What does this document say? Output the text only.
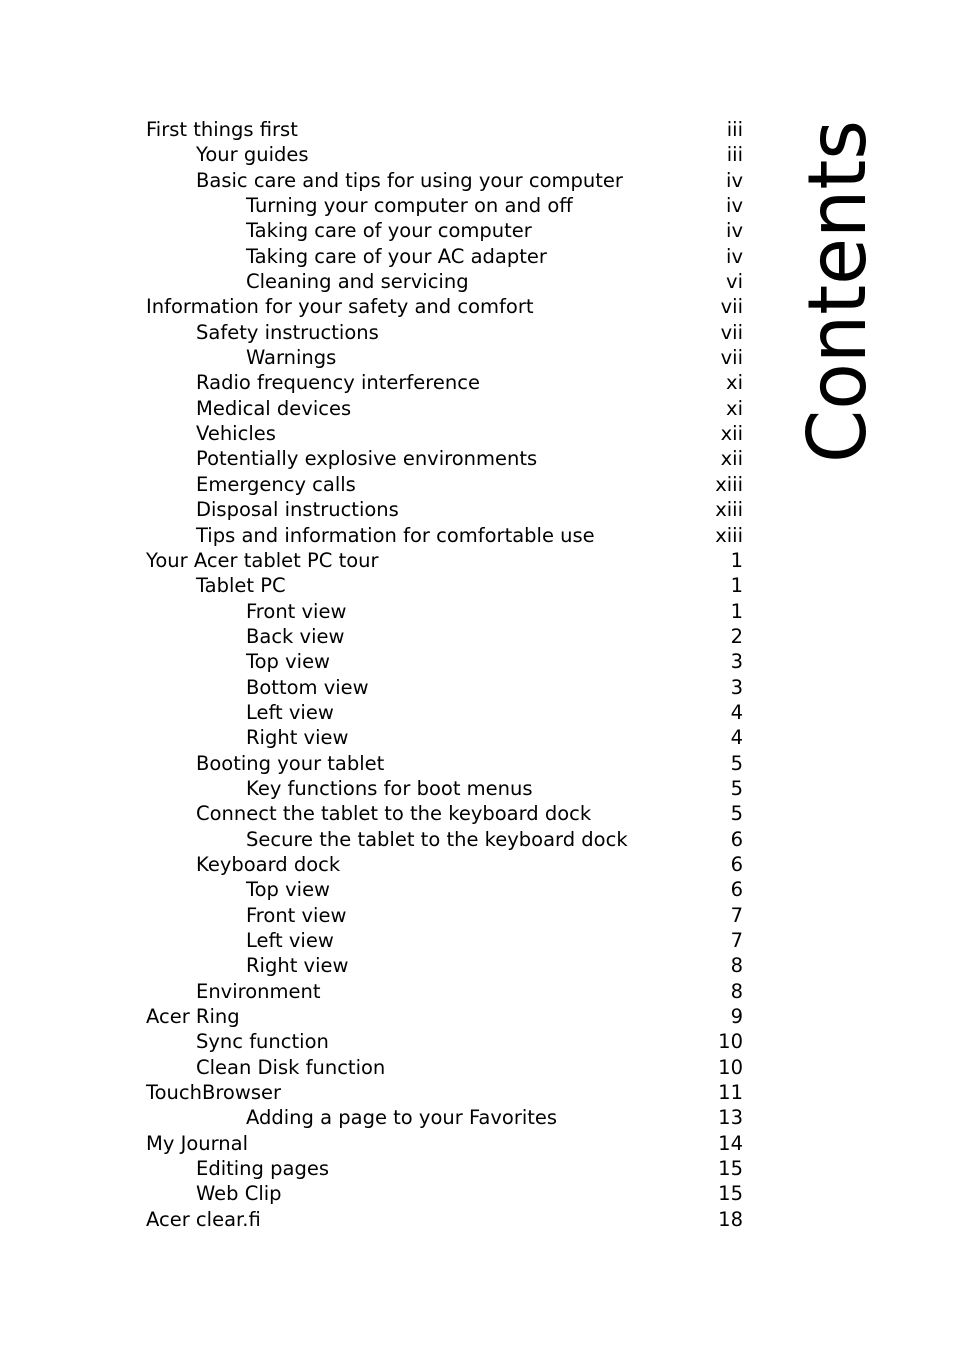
First things first	iii
Your guides	iii
Basic care and tips for using your computer	iv
Turning your computer on and off	iv
Taking care of your computer	iv
Taking care of your AC adapter	iv
Cleaning and servicing	vi
Information for your safety and comfort	vii
Safety instructions	vii
Warnings	vii
Radio frequency interference	xi
Medical devices	xi
Vehicles	xii
Potentially explosive environments	xii
Emergency calls	xiii
Disposal instructions	xiii
Tips and information for comfortable use	xiii
Your Acer tablet PC tour	1
Tablet PC	1
Front view	1
Back view	2
Top view	3
Bottom view	3
Left view	4
Right view	4
Booting your tablet	5
Key functions for boot menus	5
Connect the tablet to the keyboard dock	5
Secure the tablet to the keyboard dock	6
Keyboard dock	6
Top view	6
Front view	7
Left view	7
Right view	8
Environment	8
Acer Ring	9
Sync function	10
Clean Disk function	10
TouchBrowser	11
Adding a page to your Favorites	13
My Journal	14
Editing pages	15
Web Clip	15
Acer clear.fi	18
Contents
